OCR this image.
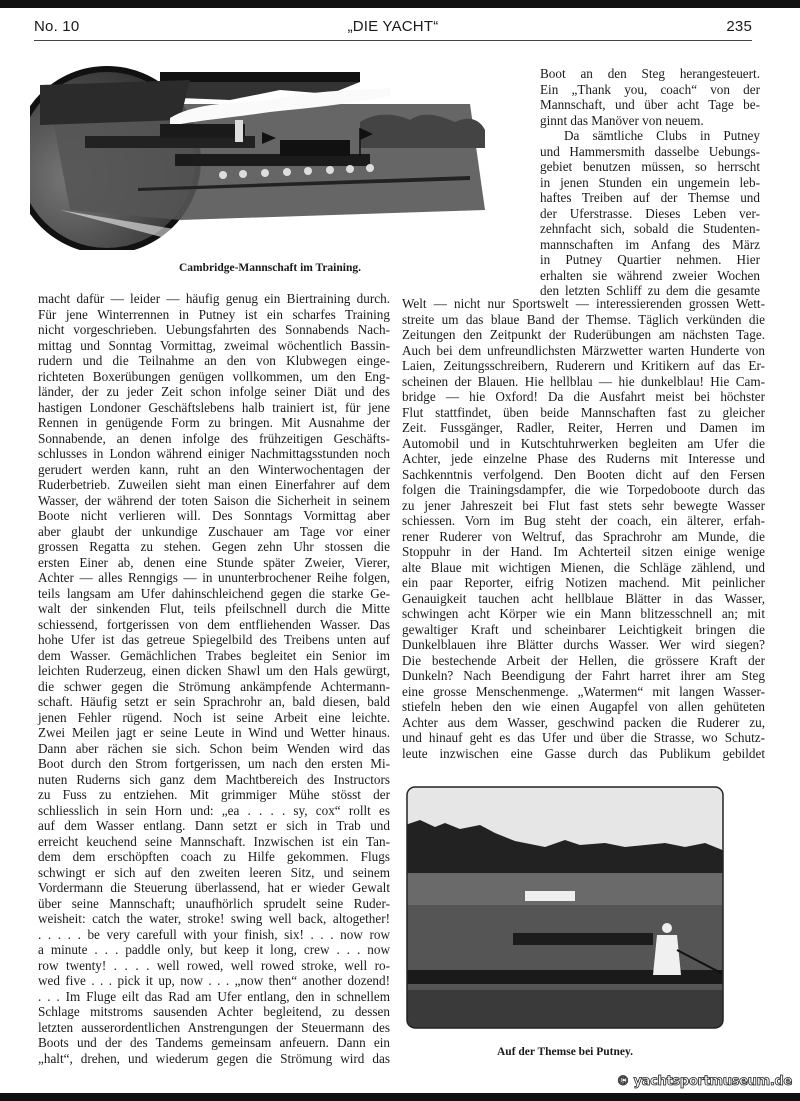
No. 10	„DIE YACHT“	235
Cambridge-Mannschaft im Training.
Boot an den Steg herangesteuert.
Ein „Thank you, coach“ von der
Mannschaft, und über acht Tage be-
ginnt das Manöver von neuem.
Da sämtliche Clubs in Putney
und Hammersmith dasselbe Uebungs-
gebiet benutzen müssen, so herrscht
in jenen Stunden ein ungemein leb-
haftes Treiben auf der Themse und
der Uferstrasse. Dieses Leben ver-
zehnfacht sich, sobald die Studenten-
mannschaften im Anfang des März
in Putney Quartier nehmen. Hier
erhalten sie während zweier Wochen
den letzten Schliff zu dem die gesamte
macht dafür — leider — häufig genug ein Biertraining durch.
Für jene Winterrennen in Putney ist ein scharfes Training
nicht vorgeschrieben. Uebungsfahrten des Sonnabends Nach-
mittag und Sonntag Vormittag, zweimal wöchentlich Bassin-
rudern und die Teilnahme an den von Klubwegen einge-
richteten Boxerübungen genügen vollkommen, um den Eng-
länder, der zu jeder Zeit schon infolge seiner Diät und des
hastigen Londoner Geschäftslebens halb trainiert ist, für jene
Rennen in genügende Form zu bringen. Mit Ausnahme der
Sonnabende, an denen infolge des frühzeitigen Geschäfts-
schlusses in London während einiger Nachmittagsstunden noch
gerudert werden kann, ruht an den Winterwochentagen der
Ruderbetrieb. Zuweilen sieht man einen Einerfahrer auf dem
Wasser, der während der toten Saison die Sicherheit in seinem
Boote nicht verlieren will. Des Sonntags Vormittag aber
aber glaubt der unkundige Zuschauer am Tage vor einer
grossen Regatta zu stehen. Gegen zehn Uhr stossen die
ersten Einer ab, denen eine Stunde später Zweier, Vierer,
Achter — alles Renngigs — in ununterbrochener Reihe folgen,
teils langsam am Ufer dahinschleichend gegen die starke Ge-
walt der sinkenden Flut, teils pfeilschnell durch die Mitte
schiessend, fortgerissen von dem entfliehenden Wasser. Das
hohe Ufer ist das getreue Spiegelbild des Treibens unten auf
dem Wasser. Gemächlichen Trabes begleitet ein Senior im
leichten Ruderzeug, einen dicken Shawl um den Hals gewürgt,
die schwer gegen die Strömung ankämpfende Achtermann-
schaft. Häufig setzt er sein Sprachrohr an, bald diesen, bald
jenen Fehler rügend. Noch ist seine Arbeit eine leichte.
Zwei Meilen jagt er seine Leute in Wind und Wetter hinaus.
Dann aber rächen sie sich. Schon beim Wenden wird das
Boot durch den Strom fortgerissen, um nach den ersten Mi-
nuten Ruderns sich ganz dem Machtbereich des Instructors
zu Fuss zu entziehen. Mit grimmiger Mühe stösst der
schliesslich in sein Horn und: „ea . . . . sy, cox“ rollt es
auf dem Wasser entlang. Dann setzt er sich in Trab und
erreicht keuchend seine Mannschaft. Inzwischen ist ein Tan-
dem dem erschöpften coach zu Hilfe gekommen. Flugs
schwingt er sich auf den zweiten leeren Sitz, und seinem
Vordermann die Steuerung überlassend, hat er wieder Gewalt
über seine Mannschaft; unaufhörlich sprudelt seine Ruder-
weisheit: catch the water, stroke! swing well back, altogether!
. . . . . be very carefull with your finish, six! . . . now row
a minute . . . paddle only, but keep it long, crew . . . now
row twenty! . . . . well rowed, well rowed stroke, well ro-
wed five . . . pick it up, now . . . „now then“ another dozend!
. . . Im Fluge eilt das Rad am Ufer entlang, den in schnellem
Schlage mitstroms sausenden Achter begleitend, zu dessen
letzten ausserordentlichen Anstrengungen der Steuermann des
Boots und der des Tandems gemeinsam anfeuern. Dann ein
„halt“, drehen, und wiederum gegen die Strömung wird das
Welt — nicht nur Sportswelt — interessierenden grossen Wett-
streite um das blaue Band der Themse. Täglich verkünden die
Zeitungen den Zeitpunkt der Ruderübungen am nächsten Tage.
Auch bei dem unfreundlichsten Märzwetter warten Hunderte von
Laien, Zeitungsschreibern, Ruderern und Kritikern auf das Er-
scheinen der Blauen. Hie hellblau — hie dunkelblau! Hie Cam-
bridge — hie Oxford! Da die Ausfahrt meist bei höchster
Flut stattfindet, üben beide Mannschaften fast zu gleicher
Zeit. Fussgänger, Radler, Reiter, Herren und Damen im
Automobil und in Kutschtuhrwerken begleiten am Ufer die
Achter, jede einzelne Phase des Ruderns mit Interesse und
Sachkenntnis verfolgend. Den Booten dicht auf den Fersen
folgen die Trainingsdampfer, die wie Torpedoboote durch das
zu jener Jahreszeit bei Flut fast stets sehr bewegte Wasser
schiessen. Vorn im Bug steht der coach, ein älterer, erfah-
rener Ruderer von Weltruf, das Sprachrohr am Munde, die
Stoppuhr in der Hand. Im Achterteil sitzen einige wenige
alte Blaue mit wichtigen Mienen, die Schläge zählend, und
ein paar Reporter, eifrig Notizen machend. Mit peinlicher
Genauigkeit tauchen acht hellblaue Blätter in das Wasser,
schwingen acht Körper wie ein Mann blitzesschnell an; mit
gewaltiger Kraft und scheinbarer Leichtigkeit bringen die
Dunkelblauen ihre Blätter durchs Wasser. Wer wird siegen?
Die bestechende Arbeit der Hellen, die grössere Kraft der
Dunkeln? Nach Beendigung der Fahrt harret ihrer am Steg
eine grosse Menschenmenge. „Watermen“ mit langen Wasser-
stiefeln heben den wie einen Augapfel von allen gehüteten
Achter aus dem Wasser, geschwind packen die Ruderer zu,
und hinauf geht es das Ufer und über die Strasse, wo Schutz-
leute inzwischen eine Gasse durch das Publikum gebildet
Auf der Themse bei Putney.
© yachtsportmuseum.de
